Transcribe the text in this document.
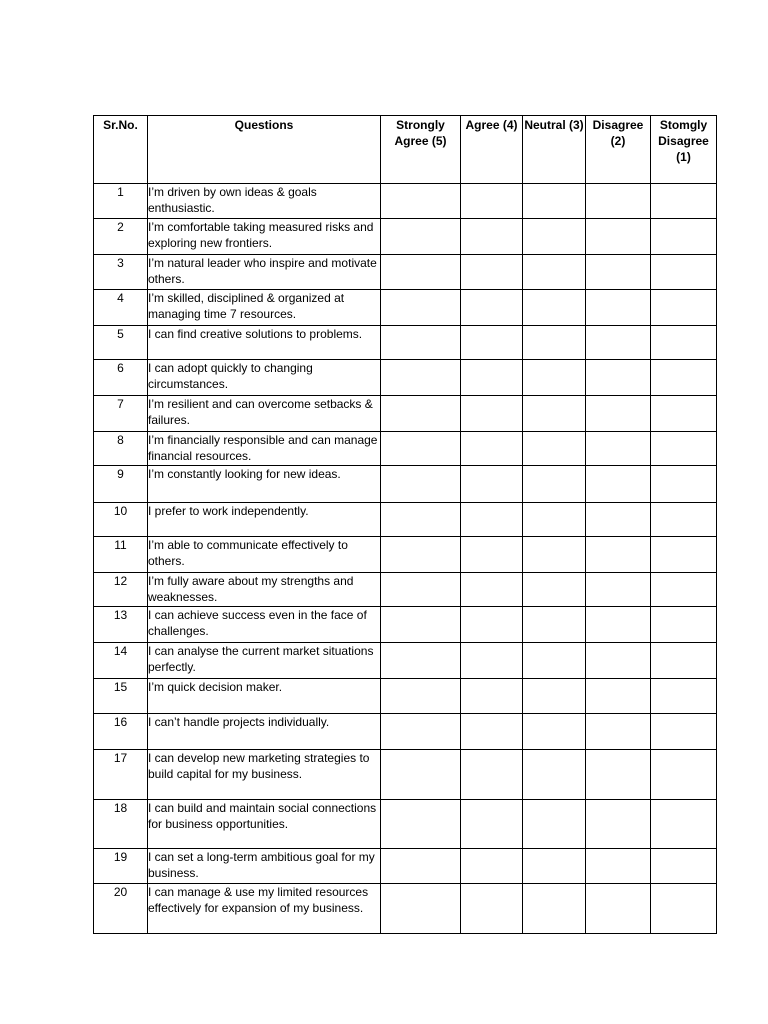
Sr.No.	Questions	Strongly Agree (5)	Agree (4)	Neutral (3)	Disagree (2)	Stomgly Disagree (1)
1	I’m driven by own ideas & goals enthusiastic.					
2	I’m comfortable taking measured risks and exploring new frontiers.					
3	I’m natural leader who inspire and motivate others.					
4	I’m skilled, disciplined & organized at managing time 7 resources.					
5	I can find creative solutions to problems.					
6	I can adopt quickly to changing circumstances.					
7	I’m resilient and can overcome setbacks & failures.					
8	I’m financially responsible and can manage financial resources.					
9	I’m constantly looking for new ideas.					
10	I prefer to work independently.					
11	I’m able to communicate effectively to others.					
12	I’m fully aware about my strengths and weaknesses.					
13	I can achieve success even in the face of challenges.					
14	I can analyse the current market situations perfectly.					
15	I’m quick decision maker.					
16	I can’t handle projects individually.					
17	I can develop new marketing strategies to build capital for my business.					
18	I can build and maintain social connections for business opportunities.					
19	I can set a long-term ambitious goal for my business.					
20	I can manage & use my limited resources effectively for expansion of my business.					
